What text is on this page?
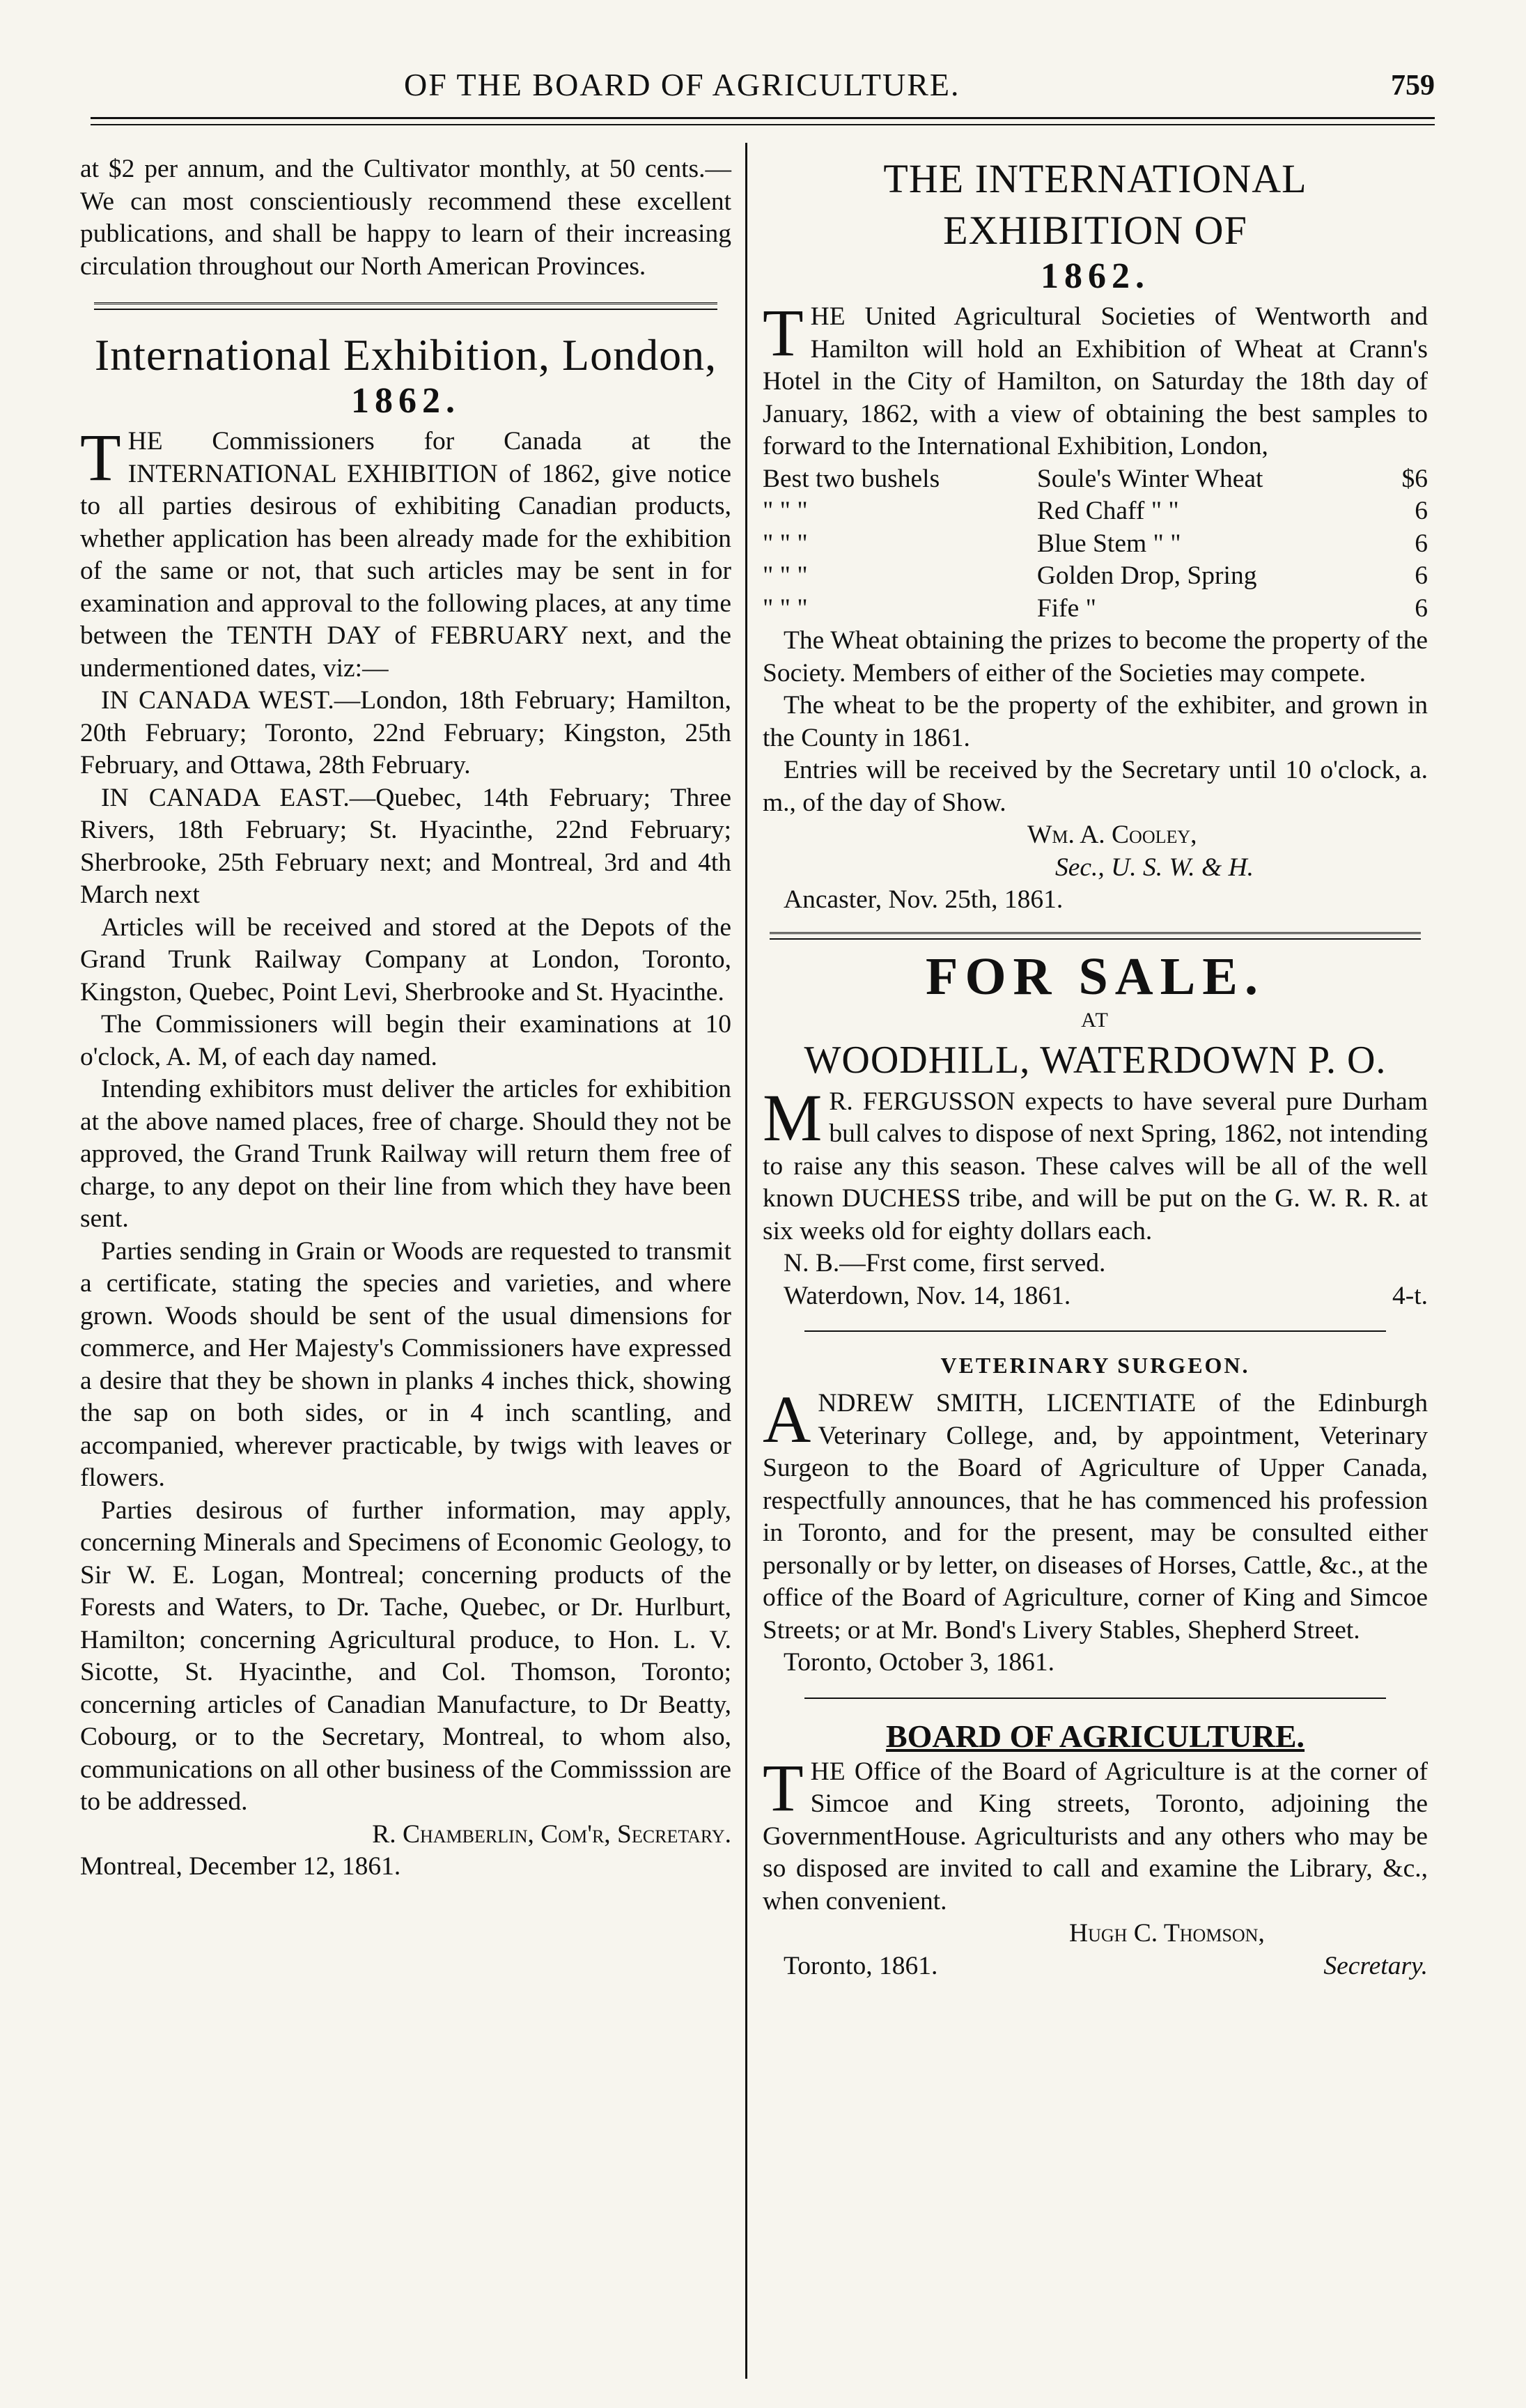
OF THE BOARD OF AGRICULTURE.	759

at $2 per annum, and the Cultivator monthly, at 50 cents.—We can most conscientiously recommend these excellent publications, and shall be happy to learn of their increasing circulation throughout our North American Provinces.

International Exhibition, London,
1862.

THE Commissioners for Canada at the INTERNATIONAL EXHIBITION of 1862, give notice to all parties desirous of exhibiting Canadian products, whether application has been already made for the exhibition of the same or not, that such articles may be sent in for examination and approval to the following places, at any time between the TENTH DAY of FEBRUARY next, and the undermentioned dates, viz:—

IN CANADA WEST.—London, 18th February; Hamilton, 20th February; Toronto, 22nd February; Kingston, 25th February, and Ottawa, 28th February.

IN CANADA EAST.—Quebec, 14th February; Three Rivers, 18th February; St. Hyacinthe, 22nd February; Sherbrooke, 25th February next; and Montreal, 3rd and 4th March next

Articles will be received and stored at the Depots of the Grand Trunk Railway Company at London, Toronto, Kingston, Quebec, Point Levi, Sherbrooke and St. Hyacinthe.

The Commissioners will begin their examinations at 10 o'clock, A. M, of each day named.

Intending exhibitors must deliver the articles for exhibition at the above named places, free of charge. Should they not be approved, the Grand Trunk Railway will return them free of charge, to any depot on their line from which they have been sent.

Parties sending in Grain or Woods are requested to transmit a certificate, stating the species and varieties, and where grown. Woods should be sent of the usual dimensions for commerce, and Her Majesty's Commissioners have expressed a desire that they be shown in planks 4 inches thick, showing the sap on both sides, or in 4 inch scantling, and accompanied, wherever practicable, by twigs with leaves or flowers.

Parties desirous of further information, may apply, concerning Minerals and Specimens of Economic Geology, to Sir W. E. Logan, Montreal; concerning products of the Forests and Waters, to Dr. Tache, Quebec, or Dr. Hurlburt, Hamilton; concerning Agricultural produce, to Hon. L. V. Sicotte, St. Hyacinthe, and Col. Thomson, Toronto; concerning articles of Canadian Manufacture, to Dr Beatty, Cobourg, or to the Secretary, Montreal, to whom also, communications on all other business of the Commisssion are to be addressed.

R. Chamberlin, Com'r, Secretary.

Montreal, December 12, 1861.

THE INTERNATIONAL EXHIBITION OF
1862.

THE United Agricultural Societies of Wentworth and Hamilton will hold an Exhibition of Wheat at Crann's Hotel in the City of Hamilton, on Saturday the 18th day of January, 1862, with a view of obtaining the best samples to forward to the International Exhibition, London,

Best two bushels	Soule's Winter Wheat	$6
" " "	Red Chaff " "	6
" " "	Blue Stem " "	6
" " "	Golden Drop, Spring	6
" " "	Fife "	6

The Wheat obtaining the prizes to become the property of the Society. Members of either of the Societies may compete.

The wheat to be the property of the exhibiter, and grown in the County in 1861.

Entries will be received by the Secretary until 10 o'clock, a. m., of the day of Show.

Wm. A. Cooley,

Sec., U. S. W. & H.

Ancaster, Nov. 25th, 1861.

FOR SALE.
AT
WOODHILL, WATERDOWN P. O.

M R. FERGUSSON expects to have several pure Durham bull calves to dispose of next Spring, 1862, not intending to raise any this season. These calves will be all of the well known DUCHESS tribe, and will be put on the G. W. R. R. at six weeks old for eighty dollars each.

N. B.—Frst come, first served.

Waterdown, Nov. 14, 1861.	4-t.
VETERINARY SURGEON.

ANDREW SMITH, LICENTIATE of the Edinburgh Veterinary College, and, by appointment, Veterinary Surgeon to the Board of Agriculture of Upper Canada, respectfully announces, that he has commenced his profession in Toronto, and for the present, may be consulted either personally or by letter, on diseases of Horses, Cattle, &c., at the office of the Board of Agriculture, corner of King and Simcoe Streets; or at Mr. Bond's Livery Stables, Shepherd Street.

Toronto, October 3, 1861.

BOARD OF AGRICULTURE.

THE Office of the Board of Agriculture is at the corner of Simcoe and King streets, Toronto, adjoining the GovernmentHouse. Agriculturists and any others who may be so disposed are invited to call and examine the Library, &c., when convenient.

Hugh C. Thomson,

Toronto, 1861.	Secretary.
